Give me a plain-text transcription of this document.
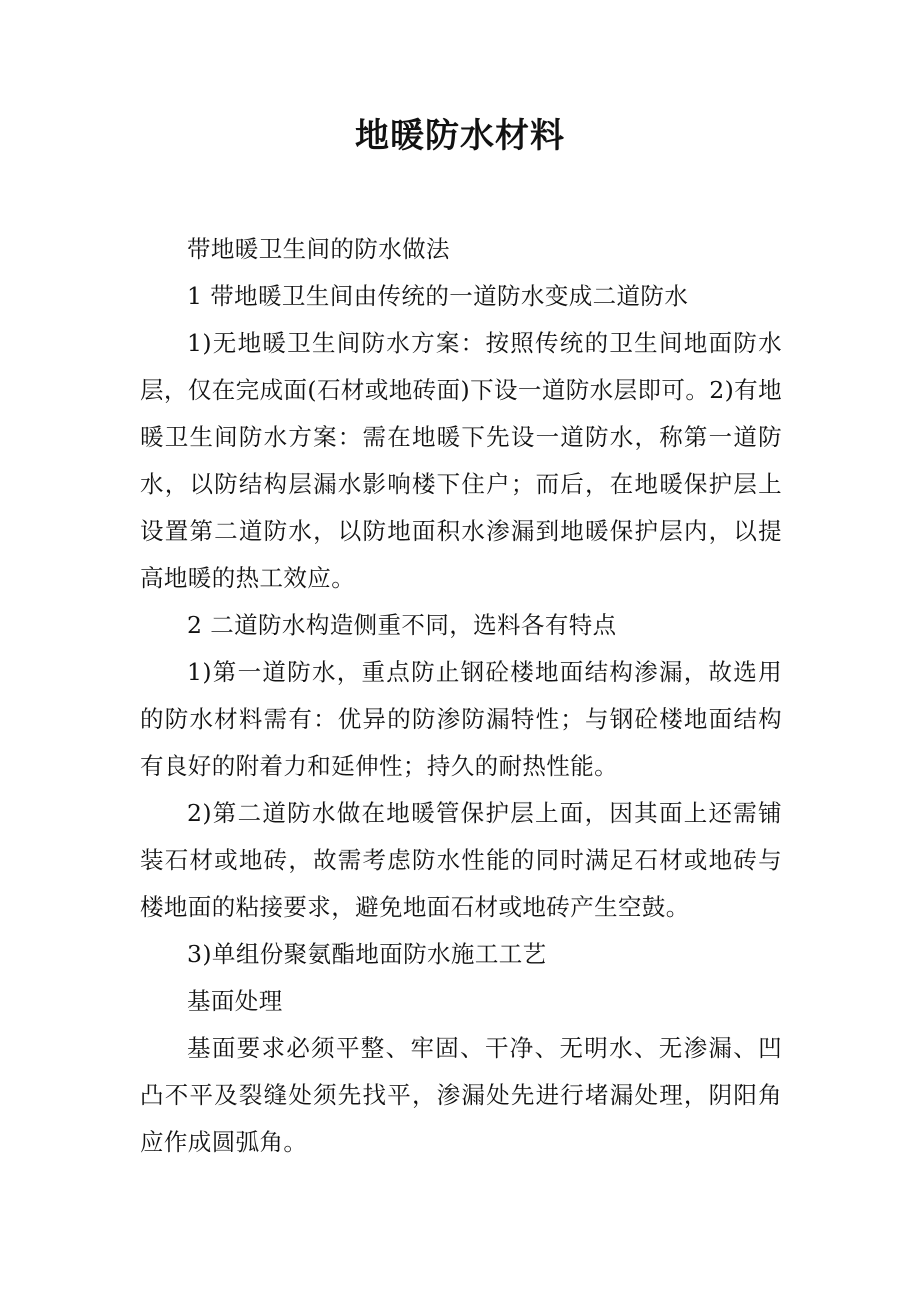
地暖防水材料

带地暖卫生间的防水做法

1 带地暖卫生间由传统的一道防水变成二道防水

1)无地暖卫生间防水方案：按照传统的卫生间地面防水层，仅在完成面(石材或地砖面)下设一道防水层即可。2)有地暖卫生间防水方案：需在地暖下先设一道防水，称第一道防水，以防结构层漏水影响楼下住户；而后，在地暖保护层上设置第二道防水，以防地面积水渗漏到地暖保护层内，以提高地暖的热工效应。

2 二道防水构造侧重不同，选料各有特点

1)第一道防水，重点防止钢砼楼地面结构渗漏，故选用的防水材料需有：优异的防渗防漏特性；与钢砼楼地面结构有良好的附着力和延伸性；持久的耐热性能。

2)第二道防水做在地暖管保护层上面，因其面上还需铺装石材或地砖，故需考虑防水性能的同时满足石材或地砖与楼地面的粘接要求，避免地面石材或地砖产生空鼓。

3)单组份聚氨酯地面防水施工工艺

基面处理

基面要求必须平整、牢固、干净、无明水、无渗漏、凹凸不平及裂缝处须先找平，渗漏处先进行堵漏处理，阴阳角应作成圆弧角。
